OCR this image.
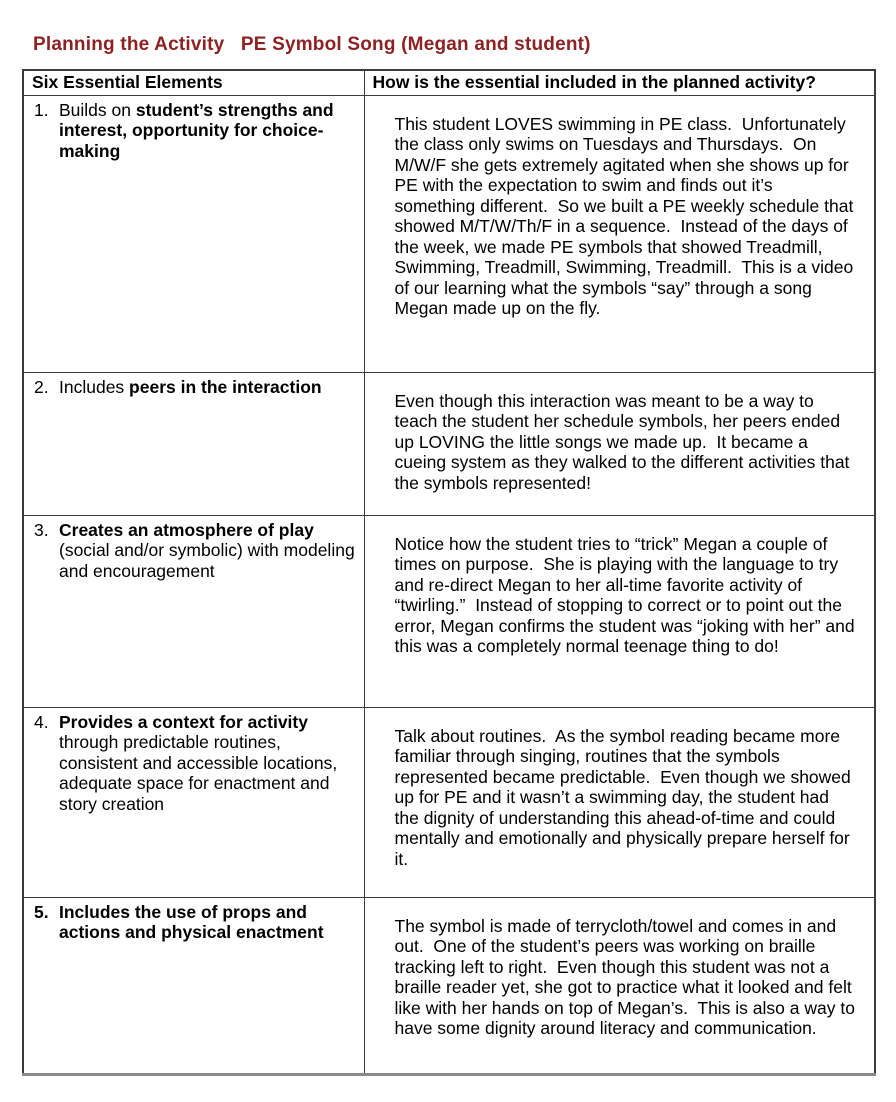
Planning the Activity   PE Symbol Song (Megan and student)
Six Essential Elements	How is the essential included in the planned activity?

1. Builds on student’s strengths and interest, opportunity for choice-making	This student LOVES swimming in PE class.  Unfortunately the class only swims on Tuesdays and Thursdays.  On M/W/F she gets extremely agitated when she shows up for PE with the expectation to swim and finds out it’s something different.  So we built a PE weekly schedule that showed M/T/W/Th/F in a sequence.  Instead of the days of the week, we made PE symbols that showed Treadmill, Swimming, Treadmill, Swimming, Treadmill.  This is a video of our learning what the symbols “say” through a song  Megan made up on the fly.

2. Includes peers in the interaction	Even though this interaction was meant to be a way to teach the student her schedule symbols, her peers ended up LOVING the little songs we made up.  It became a cueing system as they walked to the different activities that the symbols represented!

3. Creates an atmosphere of play (social and/or symbolic) with modeling and encouragement	Notice how the student tries to “trick” Megan a couple of times on purpose.  She is playing with the language to try and re-direct Megan to her all-time favorite activity of “twirling.”  Instead of stopping to correct or to point out the error, Megan confirms the student was “joking with her” and this was a completely normal teenage thing to do!

4. Provides a context for activity through predictable routines, consistent and accessible locations, adequate space for enactment and story creation	Talk about routines.  As the symbol reading became more familiar through singing, routines that the symbols represented became predictable.  Even though we showed up for PE and it wasn’t a swimming day, the student had the dignity of understanding this ahead-of-time and could mentally and emotionally and physically prepare herself for it.

5. Includes the use of props and actions and physical enactment	The symbol is made of terrycloth/towel and comes in and out.  One of the student’s peers was working on braille tracking left to right.  Even though this student was not a braille reader yet, she got to practice what it looked and felt like with her hands on top of Megan’s.  This is also a way to have some dignity around literacy and communication.
